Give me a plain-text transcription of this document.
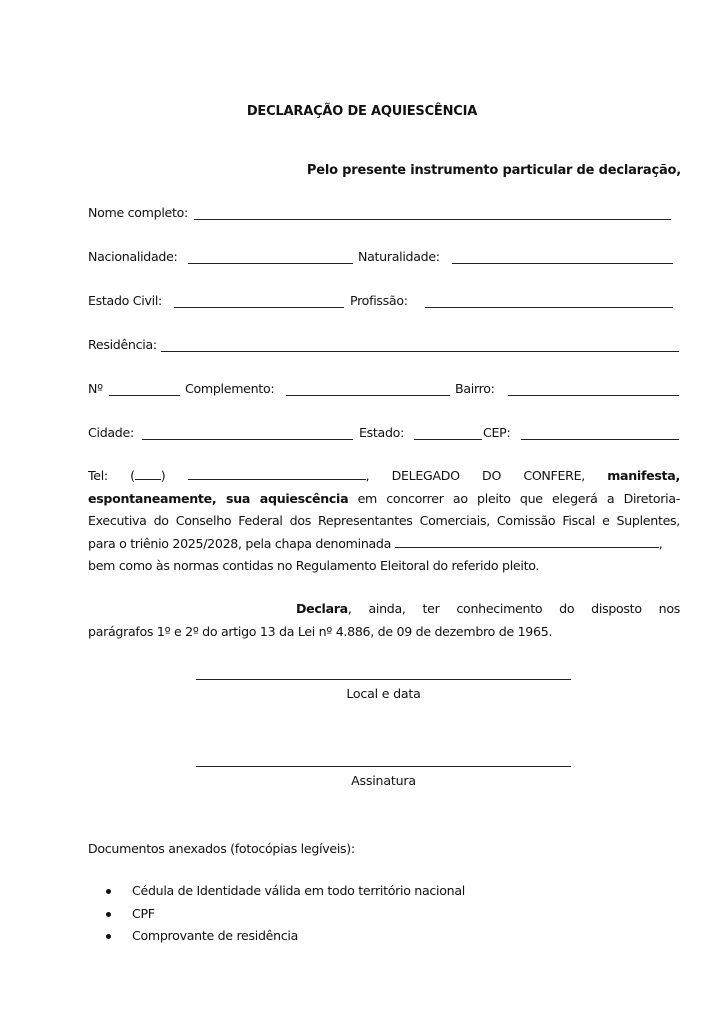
DECLARAÇÃO DE AQUIESCÊNCIA
Pelo presente instrumento particular de declaração,
Nome completo:
Nacionalidade:	Naturalidade:
Estado Civil:	Profissão:
Residência:
Nº	Complemento:	Bairro:
Cidade:	Estado:	CEP:
Tel: ( )	, DELEGADO DO CONFERE, manifesta,
espontaneamente, sua aquiescência em concorrer ao pleito que elegerá a Diretoria-
Executiva do Conselho Federal dos Representantes Comerciais, Comissão Fiscal e Suplentes,
para o triênio 2025/2028, pela chapa denominada	,
bem como às normas contidas no Regulamento Eleitoral do referido pleito.
Declara, ainda, ter conhecimento do disposto nos
parágrafos 1º e 2º do artigo 13 da Lei nº 4.886, de 09 de dezembro de 1965.
Local e data
Assinatura
Documentos anexados (fotocópias legíveis):
Cédula de Identidade válida em todo território nacional
CPF
Comprovante de residência
